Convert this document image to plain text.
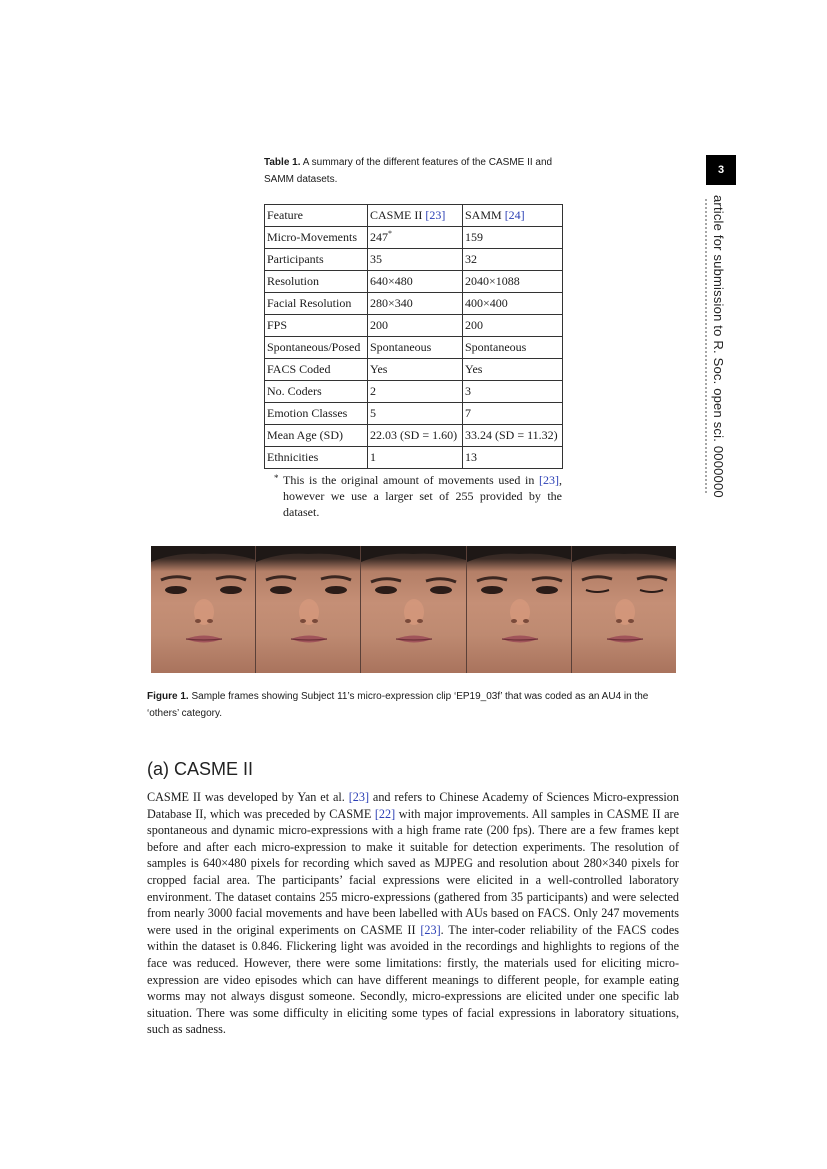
3
article for submission to R. Soc. open sci. 0000000
Table 1. A summary of the different features of the CASME II and SAMM datasets.
Feature	CASME II [23]	SAMM [24]
Micro-Movements	247*	159
Participants	35	32
Resolution	640×480	2040×1088
Facial Resolution	280×340	400×400
FPS	200	200
Spontaneous/Posed	Spontaneous	Spontaneous
FACS Coded	Yes	Yes
No. Coders	2	3
Emotion Classes	5	7
Mean Age (SD)	22.03 (SD = 1.60)	33.24 (SD = 11.32)
Ethnicities	1	13
* This is the original amount of movements used in [23], however we use a larger set of 255 provided by the dataset.
Figure 1. Sample frames showing Subject 11’s micro-expression clip ‘EP19_03f’ that was coded as an AU4 in the ‘others’ category.
(a) CASME II
CASME II was developed by Yan et al. [23] and refers to Chinese Academy of Sciences Micro-expression Database II, which was preceded by CASME [22] with major improvements. All samples in CASME II are spontaneous and dynamic micro-expressions with a high frame rate (200 fps). There are a few frames kept before and after each micro-expression to make it suitable for detection experiments. The resolution of samples is 640×480 pixels for recording which saved as MJPEG and resolution about 280×340 pixels for cropped facial area. The participants’ facial expressions were elicited in a well-controlled laboratory environment. The dataset contains 255 micro-expressions (gathered from 35 participants) and were selected from nearly 3000 facial movements and have been labelled with AUs based on FACS. Only 247 movements were used in the original experiments on CASME II [23]. The inter-coder reliability of the FACS codes within the dataset is 0.846. Flickering light was avoided in the recordings and highlights to regions of the face was reduced. However, there were some limitations: firstly, the materials used for eliciting micro-expression are video episodes which can have different meanings to different people, for example eating worms may not always disgust someone. Secondly, micro-expressions are elicited under one specific lab situation. There was some difficulty in eliciting some types of facial expressions in laboratory situations, such as sadness.
